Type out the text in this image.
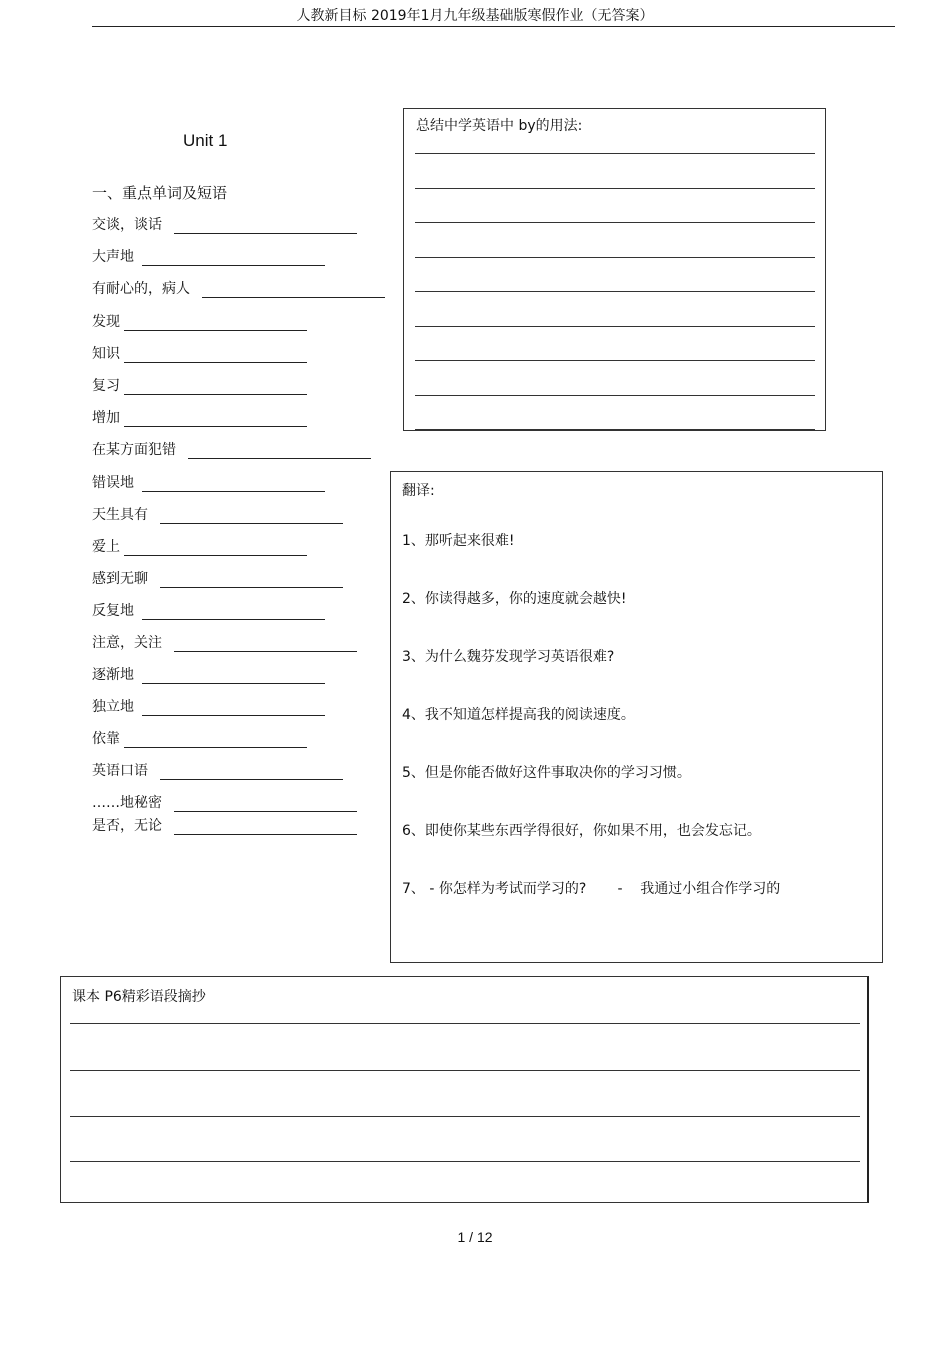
人教新目标 2019年1月九年级基础版寒假作业（无答案）
Unit 1
一、重点单词及短语
交谈，谈话
大声地
有耐心的，病人
发现
知识
复习
增加
在某方面犯错
错误地
天生具有
爱上
感到无聊
反复地
注意，关注
逐渐地
独立地
依靠
英语口语
……地秘密
是否，无论
总结中学英语中 by的用法:
翻译:
1、那听起来很难!
2、你读得越多，你的速度就会越快!
3、为什么魏芬发现学习英语很难?
4、我不知道怎样提高我的阅读速度。
5、但是你能否做好这件事取决你的学习习惯。
6、即使你某些东西学得很好，你如果不用，也会发忘记。
7、 - 你怎样为考试而学习的?       -    我通过小组合作学习的
课本 P6精彩语段摘抄
1 / 12
